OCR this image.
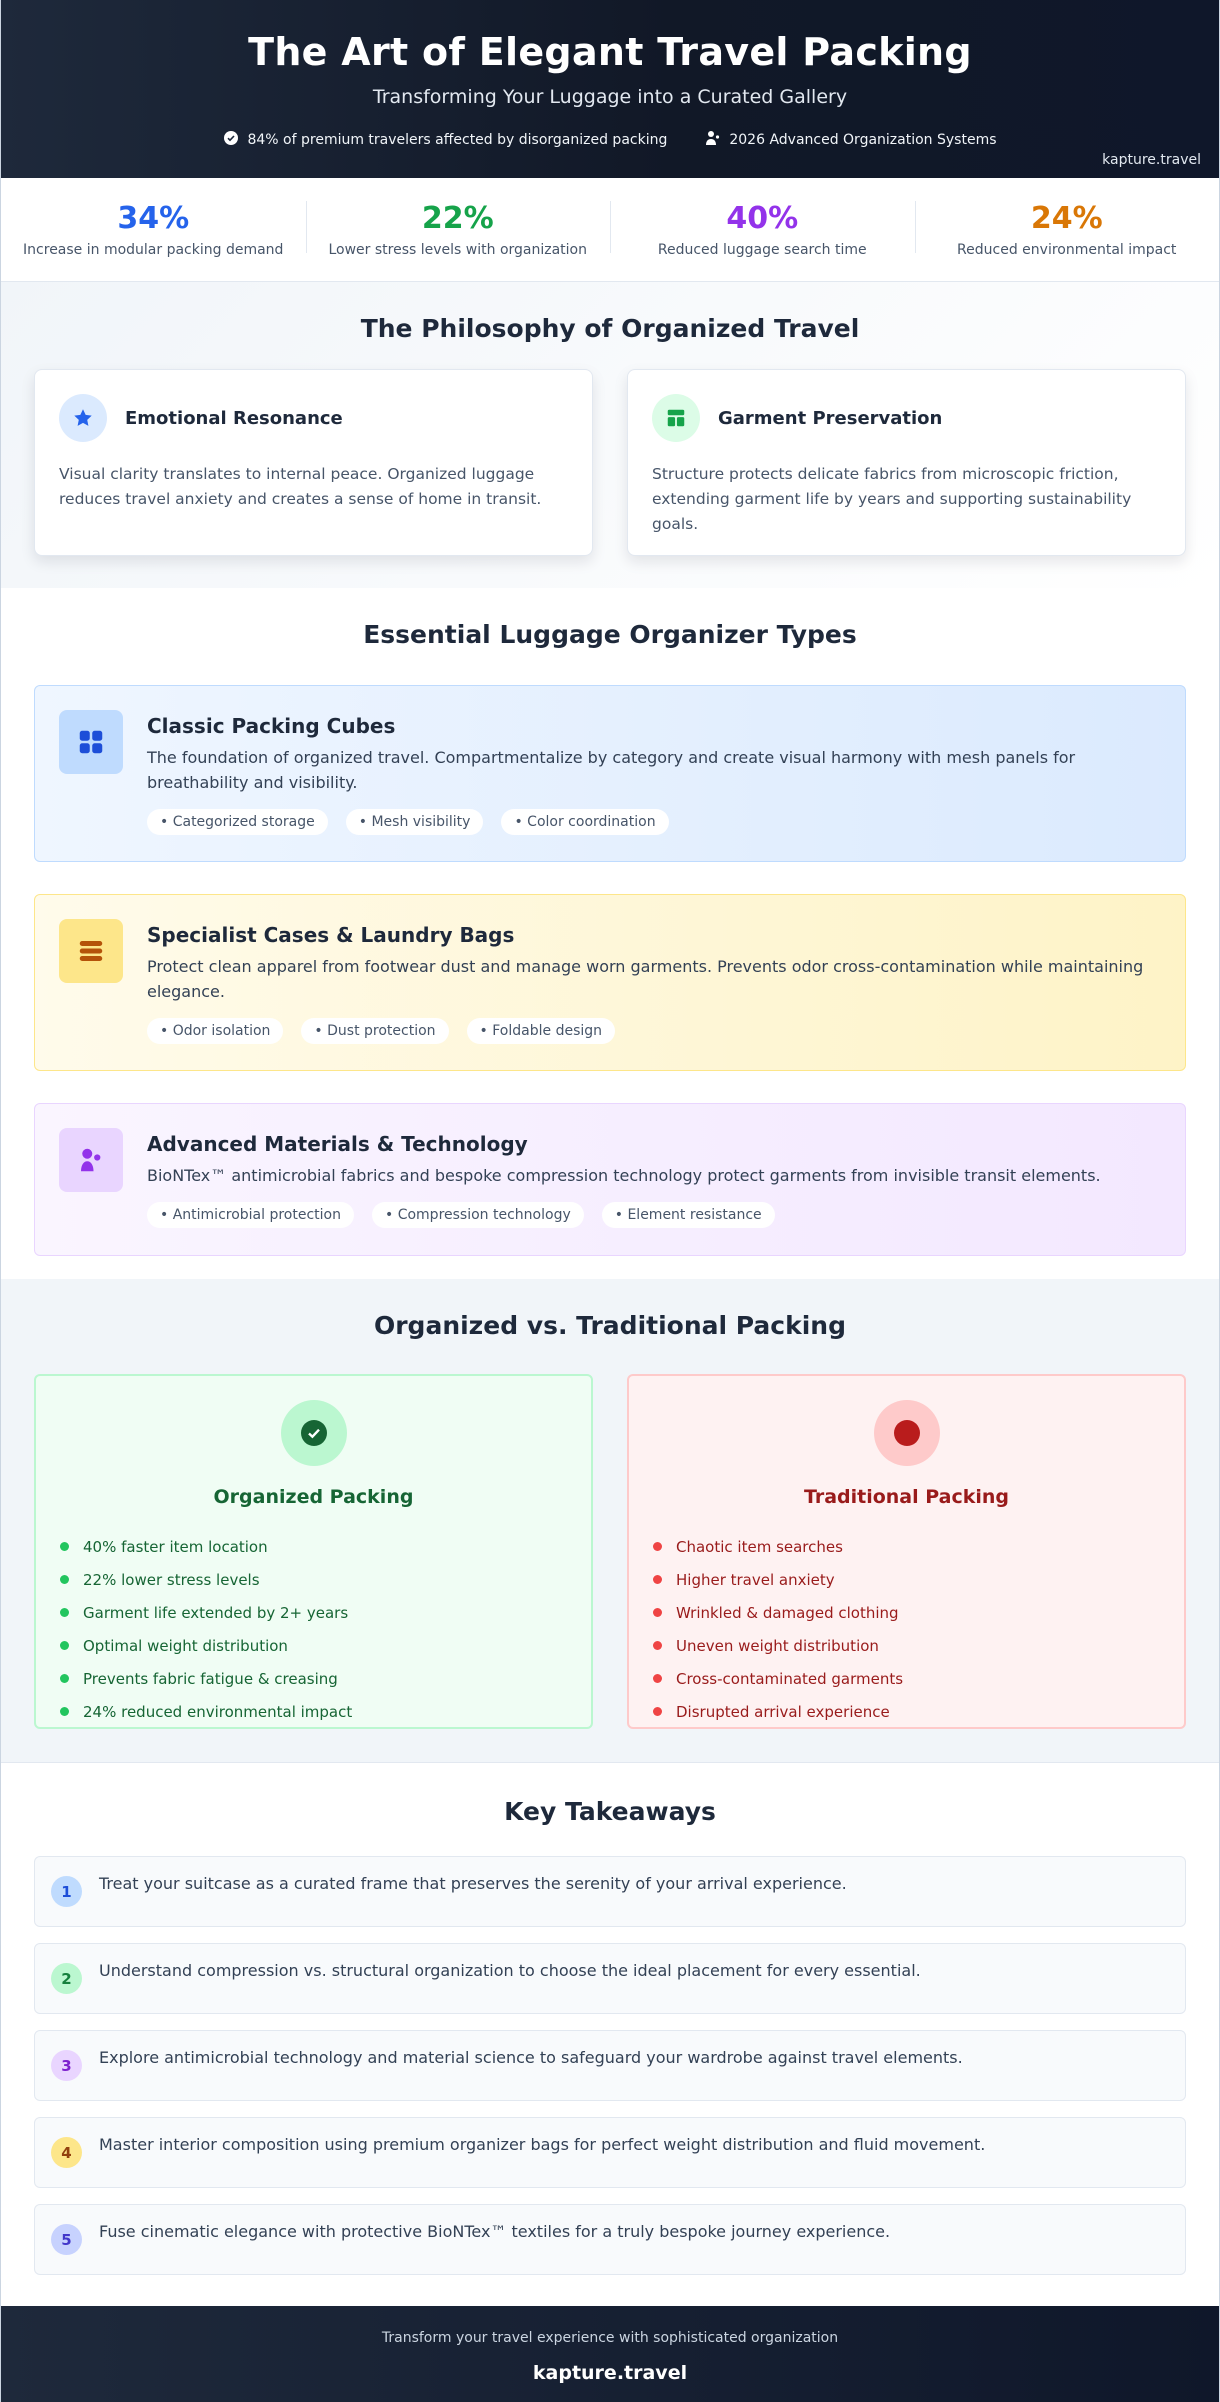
The Art of Elegant Travel Packing
Transforming Your Luggage into a Curated Gallery
84% of premium travelers affected by disorganized packing	2026 Advanced Organization Systems
kapture.travel
34%
Increase in modular packing demand
22%
Lower stress levels with organization
40%
Reduced luggage search time
24%
Reduced environmental impact
The Philosophy of Organized Travel
Emotional Resonance

Visual clarity translates to internal peace. Organized luggage reduces travel anxiety and creates a sense of home in transit.

Garment Preservation

Structure protects delicate fabrics from microscopic friction, extending garment life by years and supporting sustainability goals.

Essential Luggage Organizer Types
Classic Packing Cubes
The foundation of organized travel. Compartmentalize by category and create visual harmony with mesh panels for breathability and visibility.
• Categorized storage	• Mesh visibility	• Color coordination
Specialist Cases & Laundry Bags
Protect clean apparel from footwear dust and manage worn garments. Prevents odor cross-contamination while maintaining elegance.
• Odor isolation	• Dust protection	• Foldable design
Advanced Materials & Technology
BioNTex™ antimicrobial fabrics and bespoke compression technology protect garments from invisible transit elements.
• Antimicrobial protection	• Compression technology	• Element resistance
Organized vs. Traditional Packing
Organized Packing
40% faster item location
22% lower stress levels
Garment life extended by 2+ years
Optimal weight distribution
Prevents fabric fatigue & creasing
24% reduced environmental impact
Traditional Packing
Chaotic item searches
Higher travel anxiety
Wrinkled & damaged clothing
Uneven weight distribution
Cross-contaminated garments
Disrupted arrival experience
Key Takeaways
1	Treat your suitcase as a curated frame that preserves the serenity of your arrival experience.
2	Understand compression vs. structural organization to choose the ideal placement for every essential.
3	Explore antimicrobial technology and material science to safeguard your wardrobe against travel elements.
4	Master interior composition using premium organizer bags for perfect weight distribution and fluid movement.
5	Fuse cinematic elegance with protective BioNTex™ textiles for a truly bespoke journey experience.
Transform your travel experience with sophisticated organization
kapture.travel
